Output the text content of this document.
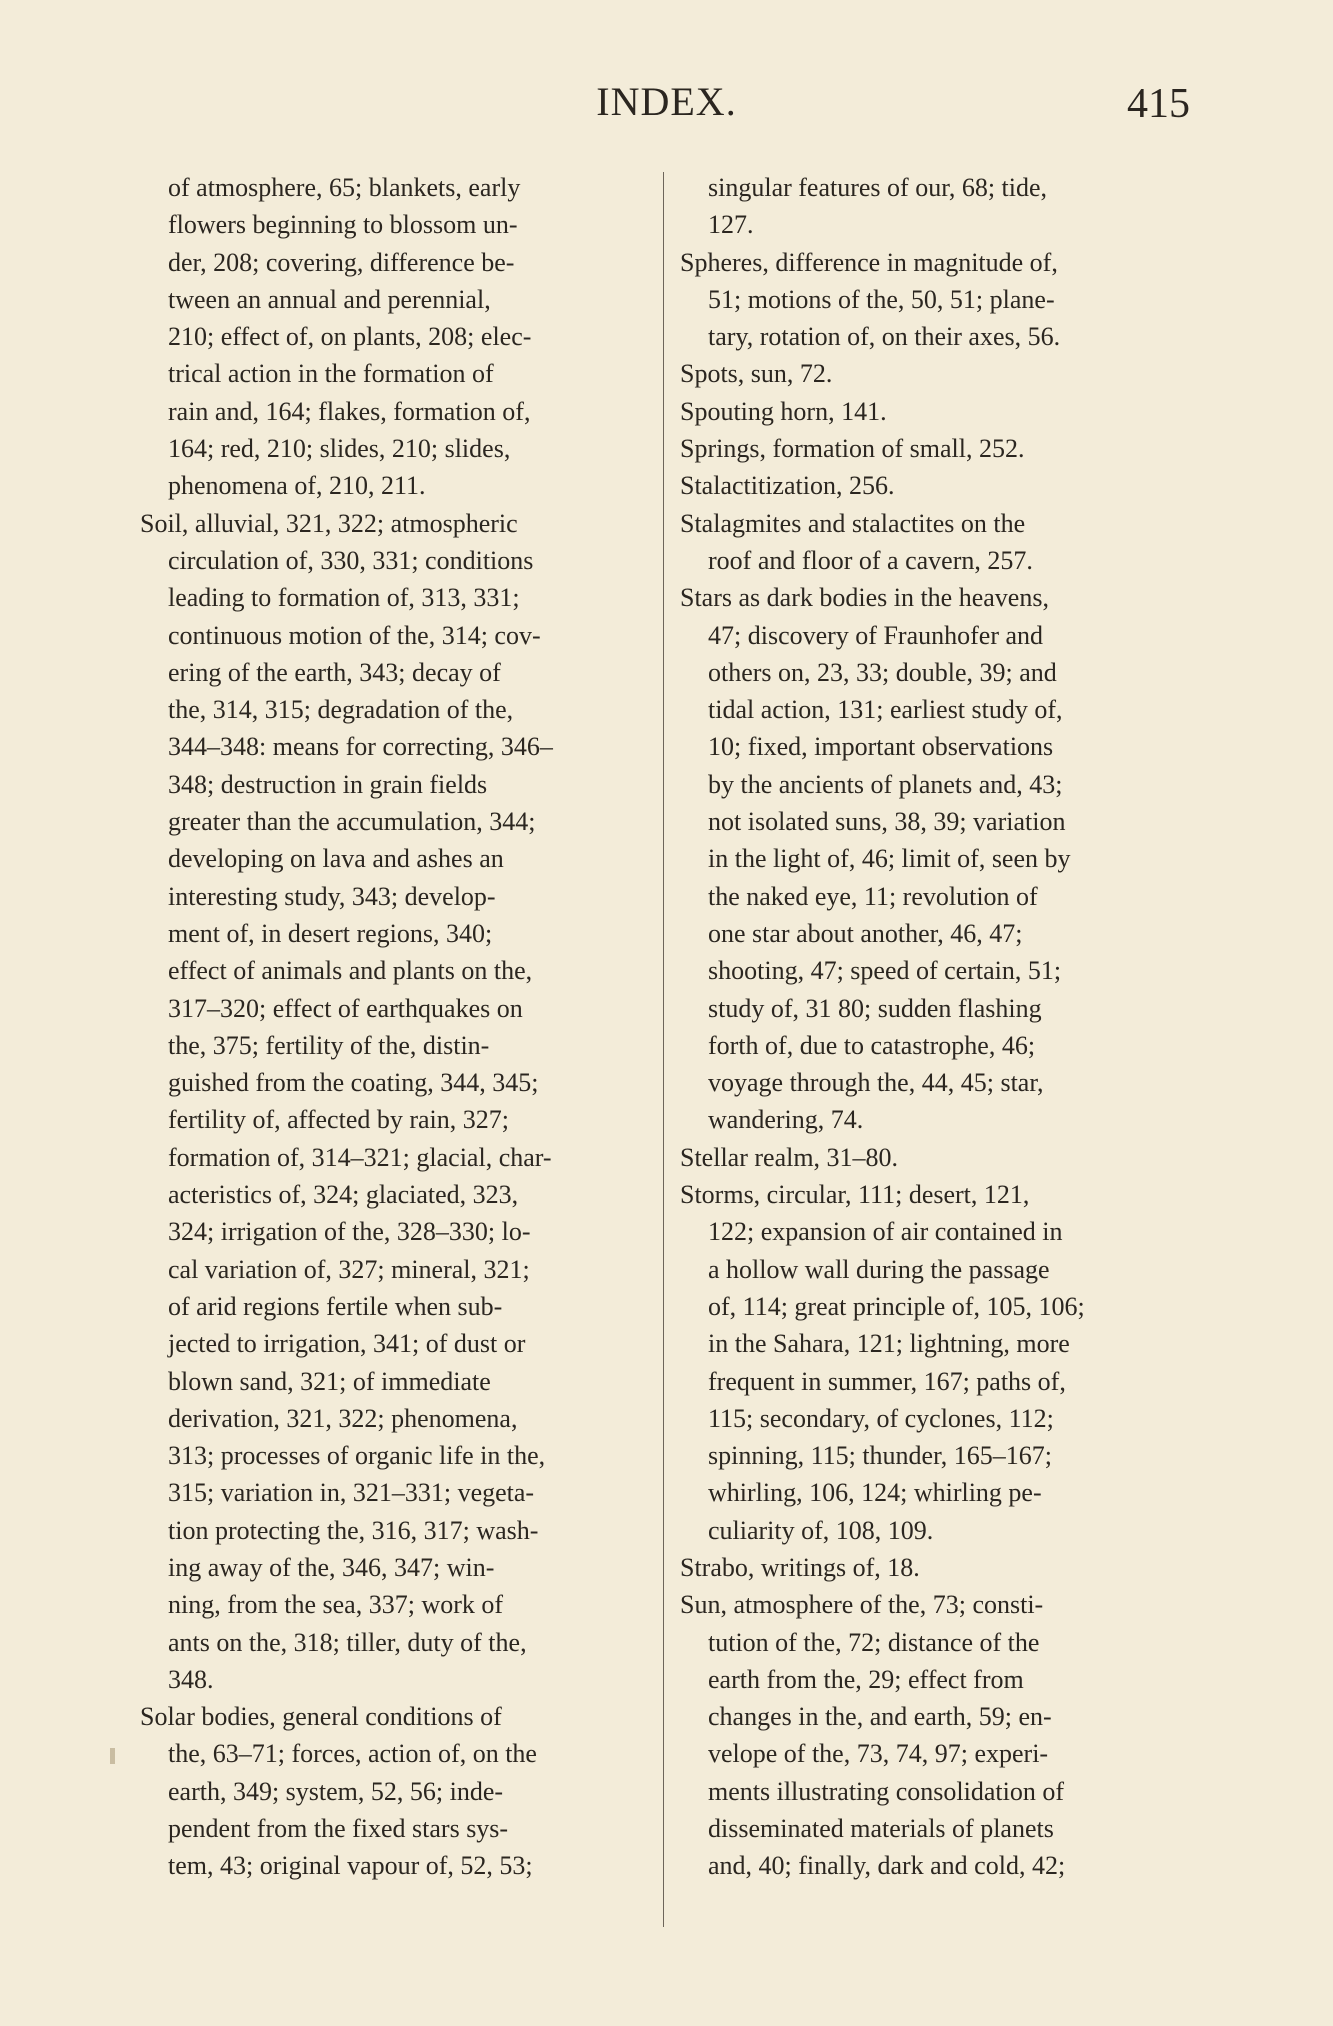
INDEX.	415
of atmosphere, 65; blankets, early
flowers beginning to blossom un-
der, 208; covering, difference be-
tween an annual and perennial,
210; effect of, on plants, 208; elec-
trical action in the formation of
rain and, 164; flakes, formation of,
164; red, 210; slides, 210; slides,
phenomena of, 210, 211.
Soil, alluvial, 321, 322; atmospheric
circulation of, 330, 331; conditions
leading to formation of, 313, 331;
continuous motion of the, 314; cov-
ering of the earth, 343; decay of
the, 314, 315; degradation of the,
344–348: means for correcting, 346–
348; destruction in grain fields
greater than the accumulation, 344;
developing on lava and ashes an
interesting study, 343; develop-
ment of, in desert regions, 340;
effect of animals and plants on the,
317–320; effect of earthquakes on
the, 375; fertility of the, distin-
guished from the coating, 344, 345;
fertility of, affected by rain, 327;
formation of, 314–321; glacial, char-
acteristics of, 324; glaciated, 323,
324; irrigation of the, 328–330; lo-
cal variation of, 327; mineral, 321;
of arid regions fertile when sub-
jected to irrigation, 341; of dust or
blown sand, 321; of immediate
derivation, 321, 322; phenomena,
313; processes of organic life in the,
315; variation in, 321–331; vegeta-
tion protecting the, 316, 317; wash-
ing away of the, 346, 347; win-
ning, from the sea, 337; work of
ants on the, 318; tiller, duty of the,
348.
Solar bodies, general conditions of
the, 63–71; forces, action of, on the
earth, 349; system, 52, 56; inde-
pendent from the fixed stars sys-
tem, 43; original vapour of, 52, 53;
singular features of our, 68; tide,
127.
Spheres, difference in magnitude of,
51; motions of the, 50, 51; plane-
tary, rotation of, on their axes, 56.
Spots, sun, 72.
Spouting horn, 141.
Springs, formation of small, 252.
Stalactitization, 256.
Stalagmites and stalactites on the
roof and floor of a cavern, 257.
Stars as dark bodies in the heavens,
47; discovery of Fraunhofer and
others on, 23, 33; double, 39; and
tidal action, 131; earliest study of,
10; fixed, important observations
by the ancients of planets and, 43;
not isolated suns, 38, 39; variation
in the light of, 46; limit of, seen by
the naked eye, 11; revolution of
one star about another, 46, 47;
shooting, 47; speed of certain, 51;
study of, 31 80; sudden flashing
forth of, due to catastrophe, 46;
voyage through the, 44, 45; star,
wandering, 74.
Stellar realm, 31–80.
Storms, circular, 111; desert, 121,
122; expansion of air contained in
a hollow wall during the passage
of, 114; great principle of, 105, 106;
in the Sahara, 121; lightning, more
frequent in summer, 167; paths of,
115; secondary, of cyclones, 112;
spinning, 115; thunder, 165–167;
whirling, 106, 124; whirling pe-
culiarity of, 108, 109.
Strabo, writings of, 18.
Sun, atmosphere of the, 73; consti-
tution of the, 72; distance of the
earth from the, 29; effect from
changes in the, and earth, 59; en-
velope of the, 73, 74, 97; experi-
ments illustrating consolidation of
disseminated materials of planets
and, 40; finally, dark and cold, 42;
